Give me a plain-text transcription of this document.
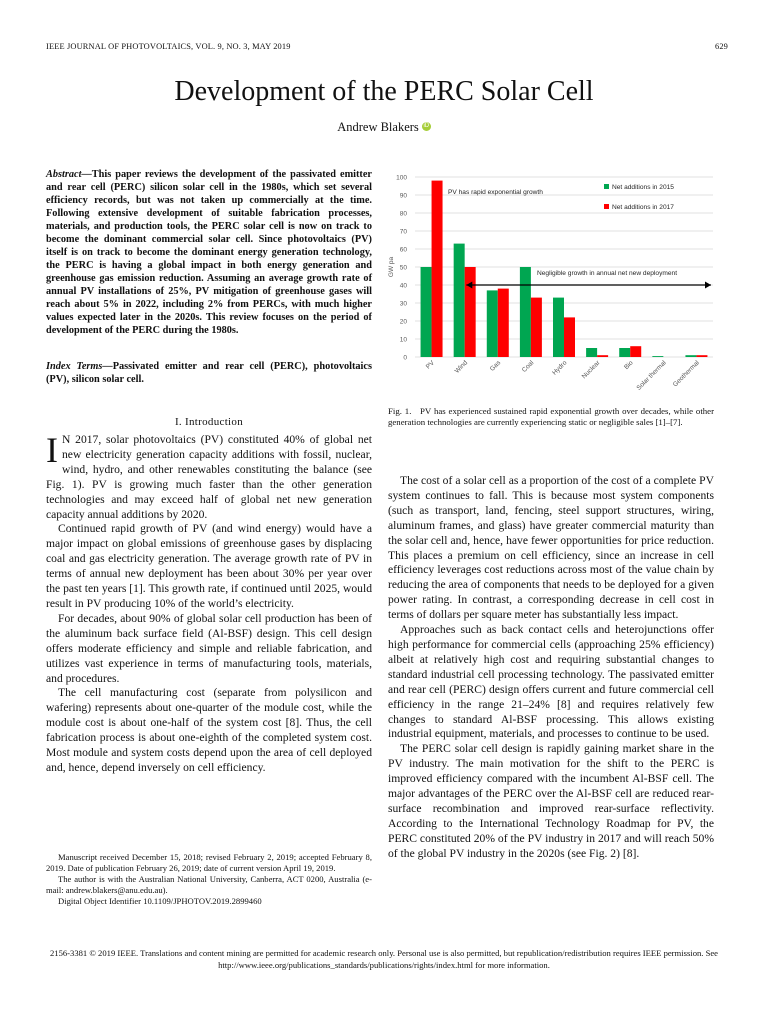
IEEE JOURNAL OF PHOTOVOLTAICS, VOL. 9, NO. 3, MAY 2019	629
Development of the PERC Solar Cell
Andrew Blakers iD
Abstract—This paper reviews the development of the passivated emitter and rear cell (PERC) silicon solar cell in the 1980s, which set several efficiency records, but was not taken up commercially at the time. Following extensive development of suitable fabrication processes, materials, and production tools, the PERC solar cell is now on track to become the dominant commercial solar cell. Since photovoltaics (PV) itself is on track to become the dominant energy generation technology, the PERC is having a global impact in both energy generation and greenhouse gas emission reduction. Assuming an average growth rate of annual PV installations of 25%, PV mitigation of greenhouse gases will reach about 5% in 2022, including 2% from PERCs, with much higher values expected later in the 2020s. This review focuses on the period of development of the PERC during the 1980s.
Index Terms—Passivated emitter and rear cell (PERC), photovoltaics (PV), silicon solar cell.
I. Introduction

I N 2017, solar photovoltaics (PV) constituted 40% of global net new electricity generation capacity additions with fossil, nuclear, wind, hydro, and other renewables constituting the balance (see Fig. 1). PV is growing much faster than the other generation technologies and may exceed half of global net new generation capacity annual additions by 2020.

Continued rapid growth of PV (and wind energy) would have a major impact on global emissions of greenhouse gases by displacing coal and gas electricity generation. The average growth rate of PV in terms of annual new deployment has been about 30% per year over the past ten years [1]. This growth rate, if continued until 2025, would result in PV producing 10% of the world’s electricity.

For decades, about 90% of global solar cell production has been of the aluminum back surface field (Al-BSF) design. This cell design offers moderate efficiency and simple and reliable fabrication, and utilizes vast experience in terms of manufacturing tools, materials, and procedures.

The cell manufacturing cost (separate from polysilicon and wafering) represents about one-quarter of the module cost, while the module cost is about one-half of the system cost [8]. Thus, the cell fabrication process is about one-eighth of the completed system cost. Most module and system costs depend upon the area of cell deployed and, hence, depend inversely on cell efficiency.

Manuscript received December 15, 2018; revised February 2, 2019; accepted February 8, 2019. Date of publication February 26, 2019; date of current version April 19, 2019.

The author is with the Australian National University, Canberra, ACT 0200, Australia (e-mail: andrew.blakers@anu.edu.au).

Digital Object Identifier 10.1109/JPHOTOV.2019.2899460

0
10
20
30
40
50
60
70
80
90
100
GW pa
PV	Wind	Gas	Coal Hydro Nuclear	Bio Solar thermal Geothermal
Net additions in 2015
Net additions in 2017
PV has rapid exponential growth
Negligible growth in annual net new deployment
Fig. 1. PV has experienced sustained rapid exponential growth over decades, while other generation technologies are currently experiencing static or negligible sales [1]–[7].

The cost of a solar cell as a proportion of the cost of a complete PV system continues to fall. This is because most system components (such as transport, land, fencing, steel support structures, wiring, aluminum frames, and glass) have greater commercial maturity than the solar cell and, hence, have fewer opportunities for price reduction. This places a premium on cell efficiency, since an increase in cell efficiency leverages cost reductions across most of the value chain by reducing the area of components that needs to be deployed for a given power rating. In contrast, a corresponding decrease in cell cost in terms of dollars per square meter has substantially less impact.

Approaches such as back contact cells and heterojunctions offer high performance for commercial cells (approaching 25% efficiency) albeit at relatively high cost and requiring substantial changes to standard industrial cell processing technology. The passivated emitter and rear cell (PERC) design offers current and future commercial cell efficiency in the range 21–24% [8] and requires relatively few changes to standard Al-BSF processing. This allows existing industrial equipment, materials, and processes to continue to be used.

The PERC solar cell design is rapidly gaining market share in the PV industry. The main motivation for the shift to the PERC is improved efficiency compared with the incumbent Al-BSF cell. The major advantages of the PERC over the Al-BSF cell are reduced rear-surface recombination and improved rear-surface reflectivity. According to the International Technology Roadmap for PV, the PERC constituted 20% of the PV industry in 2017 and will reach 50% of the global PV industry in the 2020s (see Fig. 2) [8].

2156-3381 © 2019 IEEE. Translations and content mining are permitted for academic research only. Personal use is also permitted, but republication/redistribution requires IEEE permission. See http://www.ieee.org/publications_standards/publications/rights/index.html for more information.
